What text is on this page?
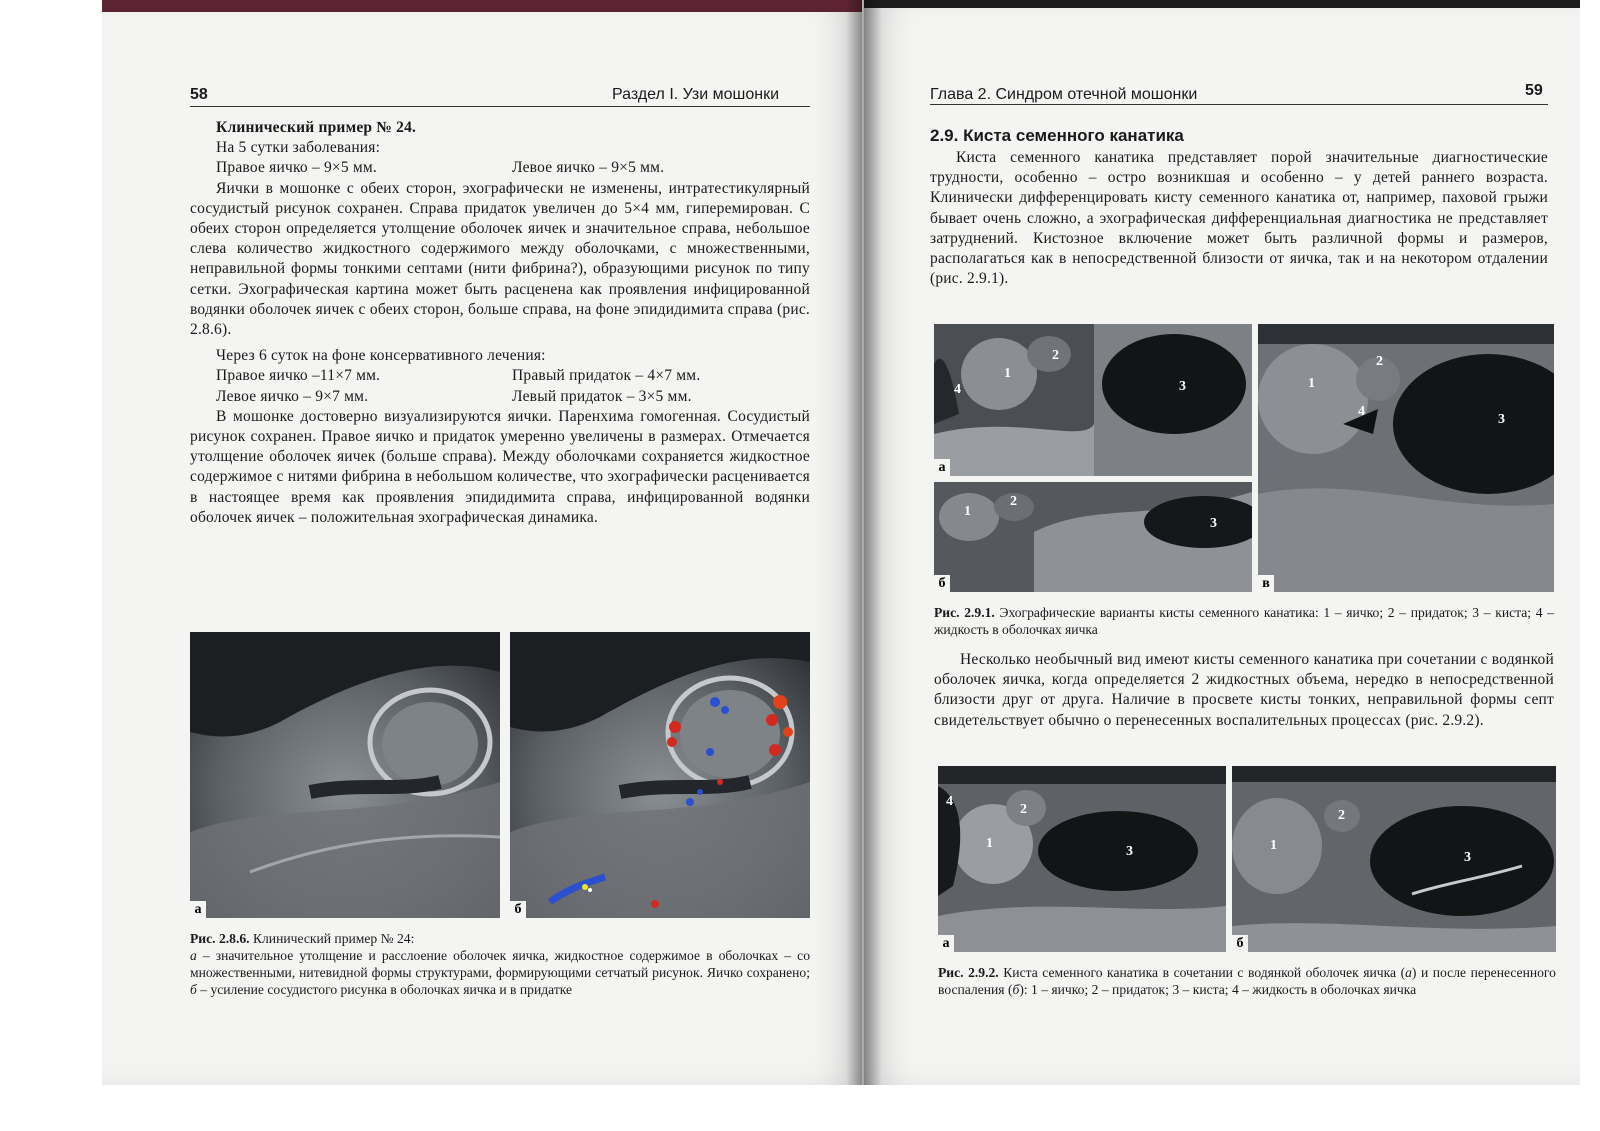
58	Раздел I. Узи мошонки

Клинический пример № 24.

На 5 сутки заболевания:

Правое яичко – 9×5 мм.	Левое яичко – 9×5 мм.

Яички в мошонке с обеих сторон, эхографически не изменены, интратестикулярный сосудистый рисунок сохранен. Справа придаток увеличен до 5×4 мм, гиперемирован. С обеих сторон определяется утолщение оболочек яичек и значительное справа, небольшое слева количество жидкостного содержимого между оболочками, с множественными, неправильной формы тонкими септами (нити фибрина?), образующими рисунок по типу сетки. Эхографическая картина может быть расценена как проявления инфицированной водянки оболочек яичек с обеих сторон, больше справа, на фоне эпидидимита справа (рис. 2.8.6).

Через 6 суток на фоне консервативного лечения:

Правое яичко –11×7 мм.	Правый придаток – 4×7 мм.
Левое яичко – 9×7 мм.	Левый придаток – 3×5 мм.

В мошонке достоверно визуализируются яички. Паренхима гомогенная. Сосудистый рисунок сохранен. Правое яичко и придаток умеренно увеличены в размерах. Отмечается утолщение оболочек яичек (больше справа). Между оболочками сохраняется жидкостное содержимое с нитями фибрина в небольшом количестве, что эхографически расценивается в настоящее время как проявления эпидидимита справа, инфицированной водянки оболочек яичек – положительная эхографическая динамика.

а	б
Рис. 2.8.6. Клинический пример № 24:
а – значительное утолщение и расслоение оболочек яичка, жидкостное содержимое в оболочках – со множественными, нитевидной формы структурами, формирующими сетчатый рисунок. Яичко сохранено; б – усиление сосудистого рисунка в оболочках яичка и в придатке
Глава 2. Синдром отечной мошонки	59
2.9. Киста семенного канатика

Киста семенного канатика представляет порой значительные диагностические трудности, особенно – остро возникшая и особенно – у детей раннего возраста. Клинически дифференцировать кисту семенного канатика от, например, паховой грыжи бывает очень сложно, а эхографическая дифференциальная диагностика не представляет затруднений. Кистозное включение может быть различной формы и размеров, располагаться как в непосредственной близости от яичка, так и на некотором отдалении (рис. 2.9.1).

1
2
3
4
а
1
2
3
б
1
2
3
4
в
Рис. 2.9.1. Эхографические варианты кисты семенного канатика: 1 – яичко; 2 – придаток; 3 – киста; 4 – жидкость в оболочках яичка

Несколько необычный вид имеют кисты семенного канатика при сочетании с водянкой оболочек яичка, когда определяется 2 жидкостных объема, нередко в непосредственной близости друг от друга. Наличие в просвете кисты тонких, неправильной формы септ свидетельствует обычно о перенесенных воспалительных процессах (рис. 2.9.2).

1
2
3
4
а
1
2
3
б
Рис. 2.9.2. Киста семенного канатика в сочетании с водянкой оболочек яичка (а) и после перенесенного воспаления (б): 1 – яичко; 2 – придаток; 3 – киста; 4 – жидкость в оболочках яичка
